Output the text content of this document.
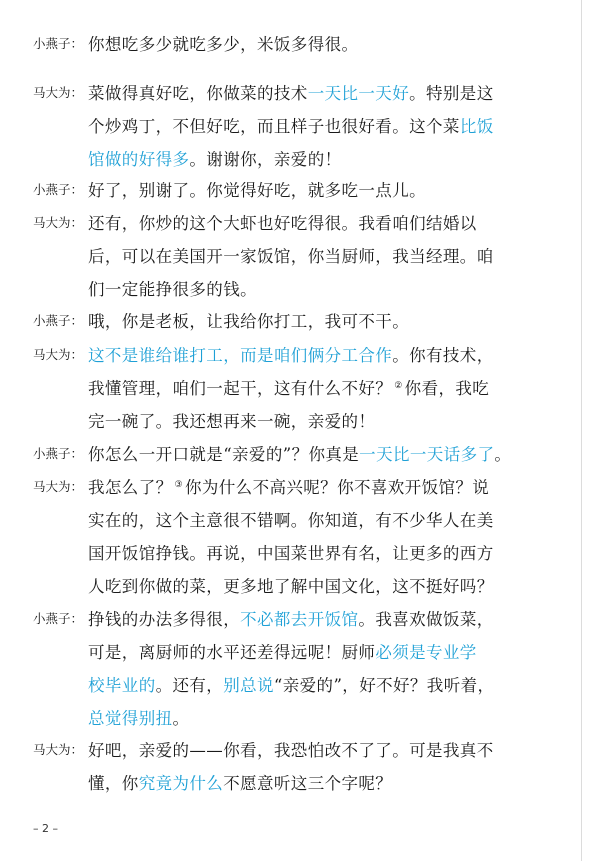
小燕子： 你想吃多少就吃多少，米饭多得很。
马大为： 菜做得真好吃，你做菜的技术一天比一天好。特别是这
个炒鸡丁，不但好吃，而且样子也很好看。这个菜比饭
馆做的好得多。谢谢你，亲爱的！
小燕子： 好了，别谢了。你觉得好吃，就多吃一点儿。
马大为： 还有，你炒的这个大虾也好吃得很。我看咱们结婚以
后，可以在美国开一家饭馆，你当厨师，我当经理。咱
们一定能挣很多的钱。
小燕子： 哦，你是老板，让我给你打工，我可不干。
马大为： 这不是谁给谁打工，而是咱们俩分工合作。你有技术，
我懂管理，咱们一起干，这有什么不好？ ② 你看，我吃
完一碗了。我还想再来一碗，亲爱的！
小燕子： 你怎么一开口就是“亲爱的”？你真是一天比一天话多了。
马大为： 我怎么了？ ③ 你为什么不高兴呢？你不喜欢开饭馆？说
实在的，这个主意很不错啊。你知道，有不少华人在美
国开饭馆挣钱。再说，中国菜世界有名，让更多的西方
人吃到你做的菜，更多地了解中国文化，这不挺好吗？
小燕子： 挣钱的办法多得很，不必都去开饭馆。我喜欢做饭菜，
可是，离厨师的水平还差得远呢！厨师必须是专业学
校毕业的。还有，别总说“亲爱的”，好不好？我听着，
总觉得别扭。
马大为： 好吧，亲爱的——你看，我恐怕改不了了。可是我真不
懂，你究竟为什么不愿意听这三个字呢？
– 2 –
